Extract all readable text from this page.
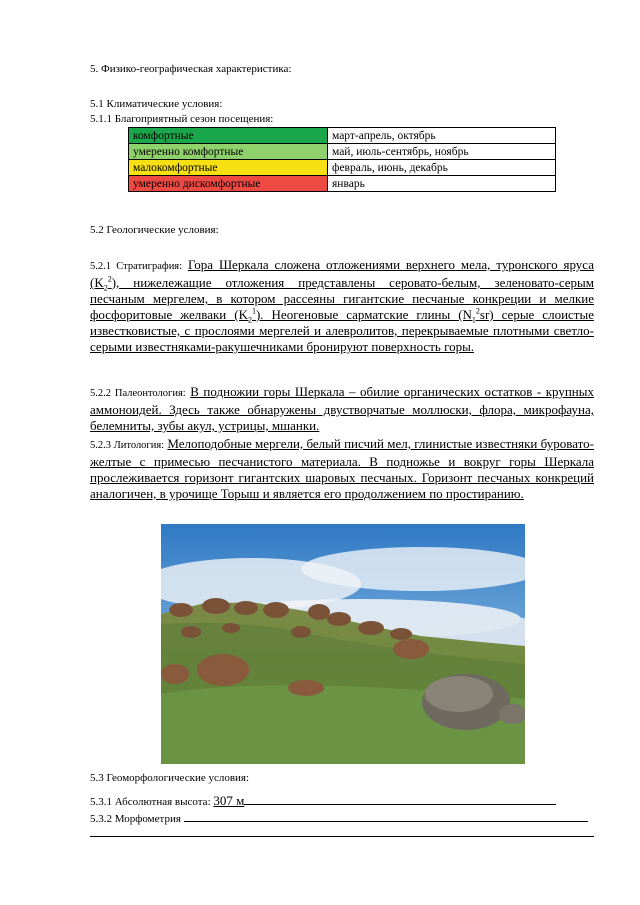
5. Физико-географическая характеристика:
5.1 Климатические условия:
5.1.1 Благоприятный сезон посещения:
комфортные	март-апрель, октябрь
умеренно комфортные	май, июль-сентябрь, ноябрь
малокомфортные	февраль, июнь, декабрь
умеренно дискомфортные	январь
5.2 Геологические условия:
5.2.1 Стратиграфия: Гора Шеркала сложена отложениями верхнего мела, туронского яруса $(K_2^2)$, нижележащие отложения представлены серовато-белым, зеленовато-серым песчаным мергелем, в котором рассеяны гигантские песчаные конкреции и мелкие фосфоритовые желваки $(K_2^1)$. Неогеновые сарматские глины $(N_1^2sr)$ серые слоистые известковистые, с прослоями мергелей и алевролитов, перекрываемые плотными светло-серыми известняками-ракушечниками бронируют поверхность горы.
5.2.2 Палеонтология: В подножии горы Шеркала – обилие органических остатков - крупных аммоноидей. Здесь также обнаружены двустворчатые моллюски, флора, микрофауна, белемниты, зубы акул, устрицы, мшанки.
5.2.3 Литология: Мелоподобные мергели, белый писчий мел, глинистые известняки буровато-желтые с примесью песчанистого материала. В подножье и вокруг горы Шеркала прослеживается горизонт гигантских шаровых песчаных. Горизонт песчаных конкреций аналогичен, в урочище Торыш и является его продолжением по простиранию.
5.3 Геоморфологические условия:
5.3.1 Абсолютная высота: 307 м
5.3.2 Морфометрия
